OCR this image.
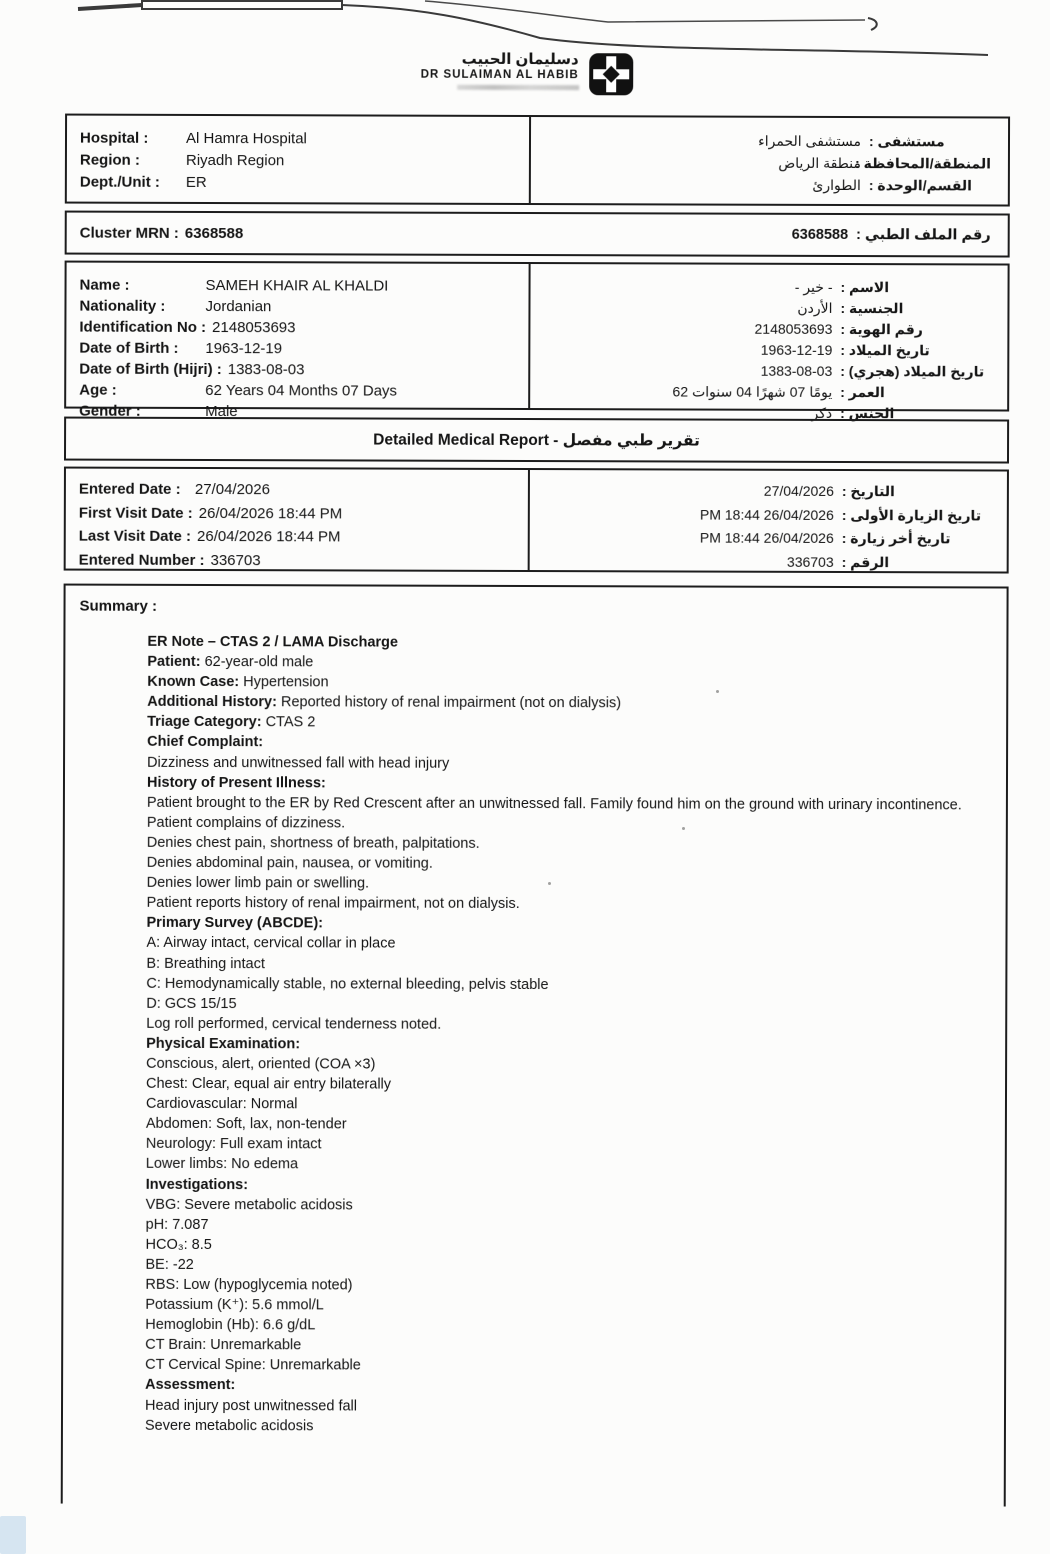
دسليمان الحبيب
DR SULAIMAN AL HABIB
Hospital :	Al Hamra Hospital
Region :	Riyadh Region
Dept./Unit :	ER
مستشفى :
مستشفى الحمراء
المنطقة/المحافظة :
منطقة الرياض
القسم/الوحدة :
الطوارئ
Cluster MRN : 6368588	رقم الملف الطبي :
6368588
Name :	SAMEH KHAIR AL KHALDI
Nationality :	Jordanian
Identification No : 2148053693
Date of Birth :	1963-12-19
Date of Birth (Hijri) : 1383-08-03
Age :	62 Years 04 Months 07 Days
Gender :	Male
الاسم :
- خير -
الجنسية :
الأردن
رقم الهوية :
2148053693
تاريخ الميلاد :
1963-12-19
تاريخ الميلاد (هجري) :
1383-08-03
العمر :
62 سنوات 04 شهرًا 07 يومًا
الجنس :
ذكر
Detailed Medical Report - تقرير طبي مفصل
Entered Date : 27/04/2026
First Visit Date : 26/04/2026 18:44 PM
Last Visit Date : 26/04/2026 18:44 PM
Entered Number : 336703
التاريخ :
27/04/2026
تاريخ الزيارة الأولى :
PM 18:44 26/04/2026
تاريخ أخر زيارة :
PM 18:44 26/04/2026
الرقم :
336703
Summary :
ER Note – CTAS 2 / LAMA Discharge
Patient: 62-year-old male
Known Case: Hypertension
Additional History: Reported history of renal impairment (not on dialysis)
Triage Category: CTAS 2
Chief Complaint:
Dizziness and unwitnessed fall with head injury
History of Present Illness:
Patient brought to the ER by Red Crescent after an unwitnessed fall. Family found him on the ground with urinary incontinence.
Patient complains of dizziness.
Denies chest pain, shortness of breath, palpitations.
Denies abdominal pain, nausea, or vomiting.
Denies lower limb pain or swelling.
Patient reports history of renal impairment, not on dialysis.
Primary Survey (ABCDE):
A: Airway intact, cervical collar in place
B: Breathing intact
C: Hemodynamically stable, no external bleeding, pelvis stable
D: GCS 15/15
Log roll performed, cervical tenderness noted.
Physical Examination:
Conscious, alert, oriented (COA ×3)
Chest: Clear, equal air entry bilaterally
Cardiovascular: Normal
Abdomen: Soft, lax, non-tender
Neurology: Full exam intact
Lower limbs: No edema
Investigations:
VBG: Severe metabolic acidosis
pH: 7.087
HCO₃: 8.5
BE: -22
RBS: Low (hypoglycemia noted)
Potassium (K⁺): 5.6 mmol/L
Hemoglobin (Hb): 6.6 g/dL
CT Brain: Unremarkable
CT Cervical Spine: Unremarkable
Assessment:
Head injury post unwitnessed fall
Severe metabolic acidosis
